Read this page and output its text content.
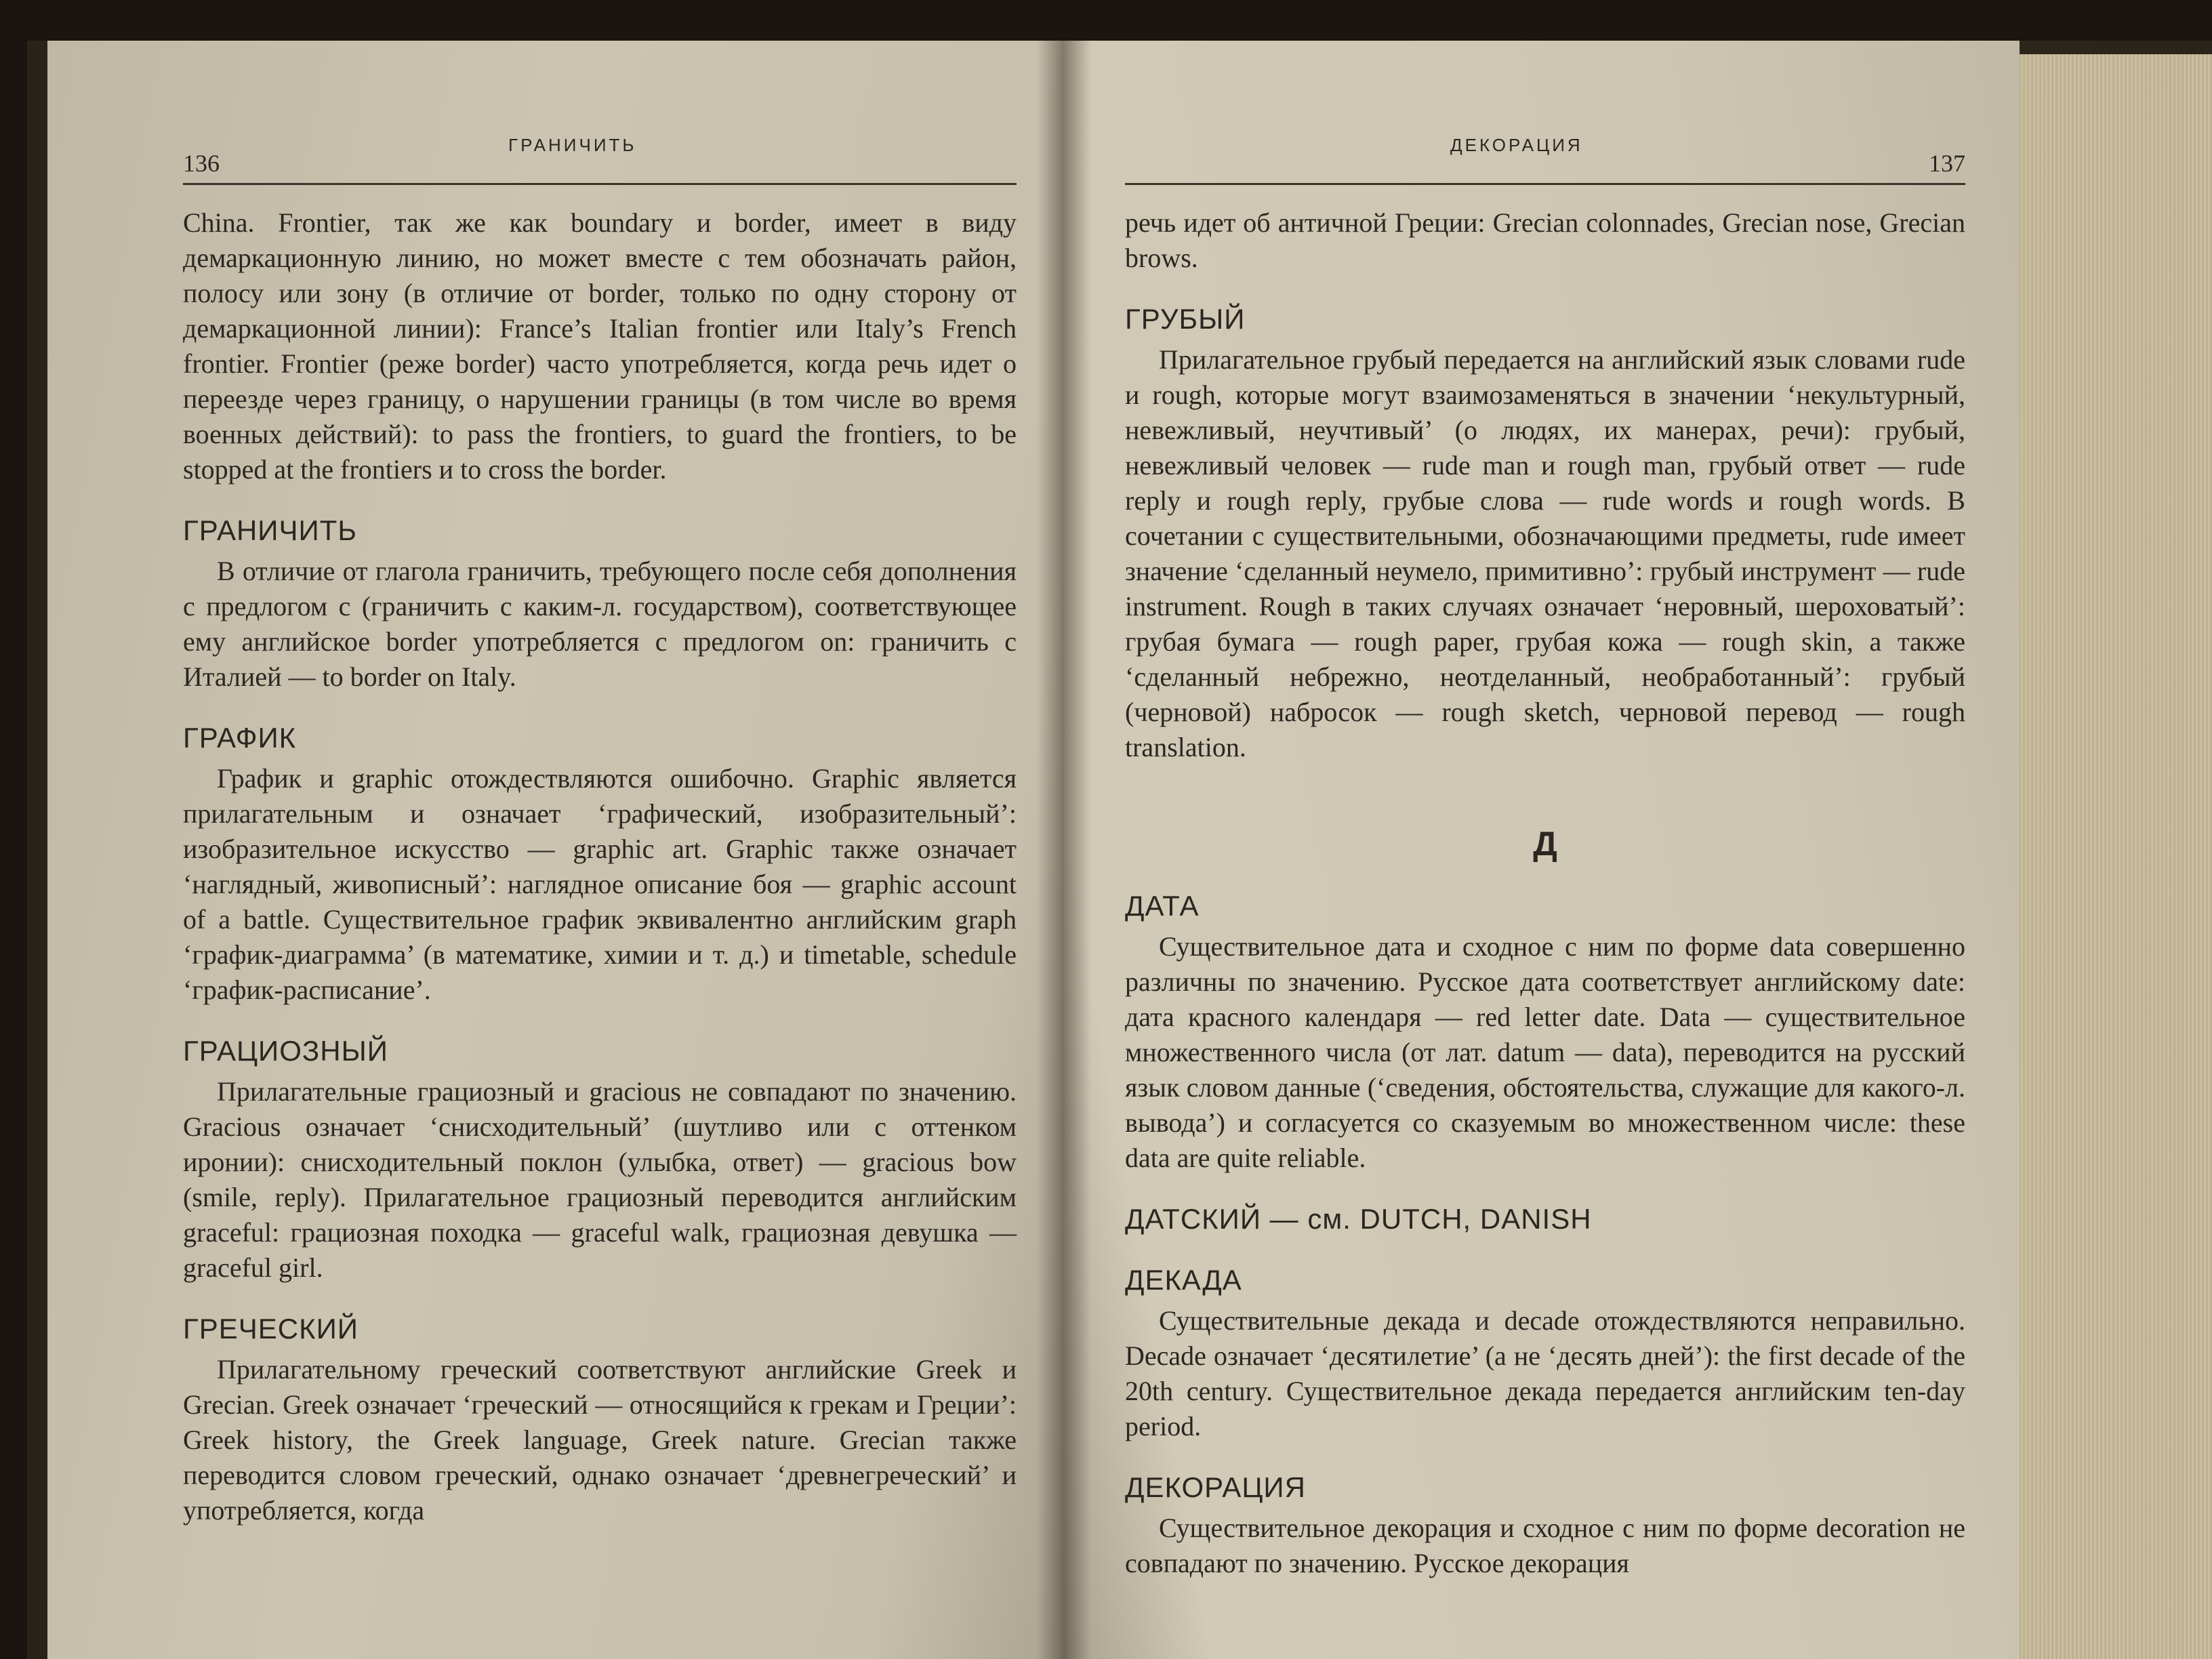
136
ГРАНИЧИТЬ

China. Frontier, так же как boundary и border, имеет в виду демаркационную линию, но может вместе с тем обозначать район, полосу или зону (в отличие от border, только по одну сторону от демаркационной линии): France’s Italian frontier или Italy’s French frontier. Frontier (реже border) часто употребляется, когда речь идет о переезде через границу, о нарушении границы (в том числе во время военных действий): to pass the frontiers, to guard the frontiers, to be stopped at the frontiers и to cross the border.

ГРАНИЧИТЬ

В отличие от глагола граничить, требующего после себя дополнения с предлогом с (граничить с каким-л. государством), соответствующее ему английское border употребляется с предлогом on: граничить с Италией — to border on Italy.

ГРАФИК

График и graphic отождествляются ошибочно. Graphic является прилагательным и означает ‘графический, изобразительный’: изобразительное искусство — graphic art. Graphic также означает ‘наглядный, живописный’: наглядное описание боя — graphic account of a battle. Существительное график эквивалентно английским graph ‘график-диаграмма’ (в математике, химии и т. д.) и timetable, schedule ‘график-расписание’.

ГРАЦИОЗНЫЙ

Прилагательные грациозный и gracious не совпадают по значению. Gracious означает ‘снисходительный’ (шутливо или с оттенком иронии): снисходительный поклон (улыбка, ответ) — gracious bow (smile, reply). Прилагательное грациозный переводится английским graceful: грациозная походка — graceful walk, грациозная девушка — graceful girl.

ГРЕЧЕСКИЙ

Прилагательному греческий соответствуют английские Greek и Grecian. Greek означает ‘греческий — относящийся к грекам и Греции’: Greek history, the Greek language, Greek nature. Grecian также переводится словом греческий, однако означает ‘древнегреческий’ и употребляется, когда

ДЕКОРАЦИЯ
137

речь идет об античной Греции: Grecian colonnades, Grecian nose, Grecian brows.

ГРУБЫЙ

Прилагательное грубый передается на английский язык словами rude и rough, которые могут взаимозаменяться в значении ‘некультурный, невежливый, неучтивый’ (о людях, их манерах, речи): грубый, невежливый человек — rude man и rough man, грубый ответ — rude reply и rough reply, грубые слова — rude words и rough words. В сочетании с существительными, обозначающими предметы, rude имеет значение ‘сделанный неумело, примитивно’: грубый инструмент — rude instrument. Rough в таких случаях означает ‘неровный, шероховатый’: грубая бумага — rough paper, грубая кожа — rough skin, а также ‘сделанный небрежно, неотделанный, необработанный’: грубый (черновой) набросок — rough sketch, черновой перевод — rough translation.

Д
ДАТА

Существительное дата и сходное с ним по форме data совершенно различны по значению. Русское дата соответствует английскому date: дата красного календаря — red letter date. Data — существительное множественного числа (от лат. datum — data), переводится на русский язык словом данные (‘сведения, обстоятельства, служащие для какого-л. вывода’) и согласуется со сказуемым во множественном числе: these data are quite reliable.

ДАТСКИЙ — см. DUTCH, DANISH
ДЕКАДА

Существительные декада и decade отождествляются неправильно. Decade означает ‘десятилетие’ (а не ‘десять дней’): the first decade of the 20th century. Существительное декада передается английским ten-day period.

ДЕКОРАЦИЯ

Существительное декорация и сходное с ним по форме decoration не совпадают по значению. Русское декорация
